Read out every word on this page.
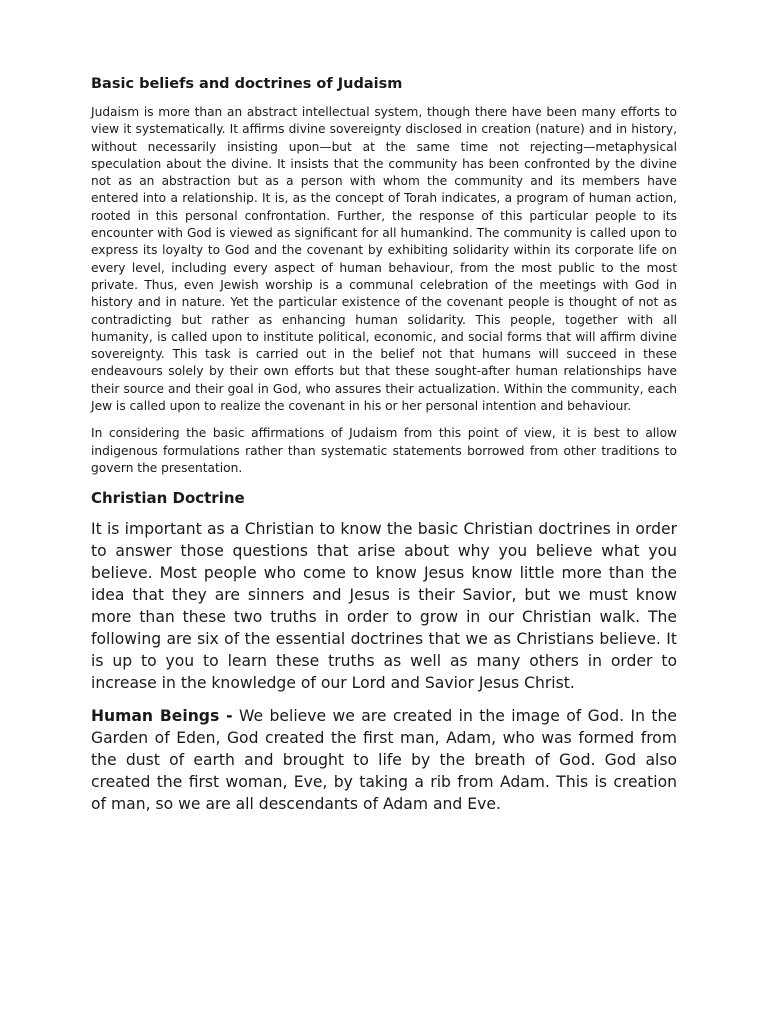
Basic beliefs and doctrines of Judaism

Judaism is more than an abstract intellectual system, though there have been many efforts to view it systematically. It affirms divine sovereignty disclosed in creation (nature) and in history, without necessarily insisting upon—but at the same time not rejecting—metaphysical speculation about the divine. It insists that the community has been confronted by the divine not as an abstraction but as a person with whom the community and its members have entered into a relationship. It is, as the concept of Torah indicates, a program of human action, rooted in this personal confrontation. Further, the response of this particular people to its encounter with God is viewed as significant for all humankind. The community is called upon to express its loyalty to God and the covenant by exhibiting solidarity within its corporate life on every level, including every aspect of human behaviour, from the most public to the most private. Thus, even Jewish worship is a communal celebration of the meetings with God in history and in nature. Yet the particular existence of the covenant people is thought of not as contradicting but rather as enhancing human solidarity. This people, together with all humanity, is called upon to institute political, economic, and social forms that will affirm divine sovereignty. This task is carried out in the belief not that humans will succeed in these endeavours solely by their own efforts but that these sought-after human relationships have their source and their goal in God, who assures their actualization. Within the community, each Jew is called upon to realize the covenant in his or her personal intention and behaviour.

In considering the basic affirmations of Judaism from this point of view, it is best to allow indigenous formulations rather than systematic statements borrowed from other traditions to govern the presentation.

Christian Doctrine

It is important as a Christian to know the basic Christian doctrines in order to answer those questions that arise about why you believe what you believe. Most people who come to know Jesus know little more than the idea that they are sinners and Jesus is their Savior, but we must know more than these two truths in order to grow in our Christian walk. The following are six of the essential doctrines that we as Christians believe. It is up to you to learn these truths as well as many others in order to increase in the knowledge of our Lord and Savior Jesus Christ.

Human Beings - We believe we are created in the image of God. In the Garden of Eden, God created the first man, Adam, who was formed from the dust of earth and brought to life by the breath of God. God also created the first woman, Eve, by taking a rib from Adam. This is creation of man, so we are all descendants of Adam and Eve.
